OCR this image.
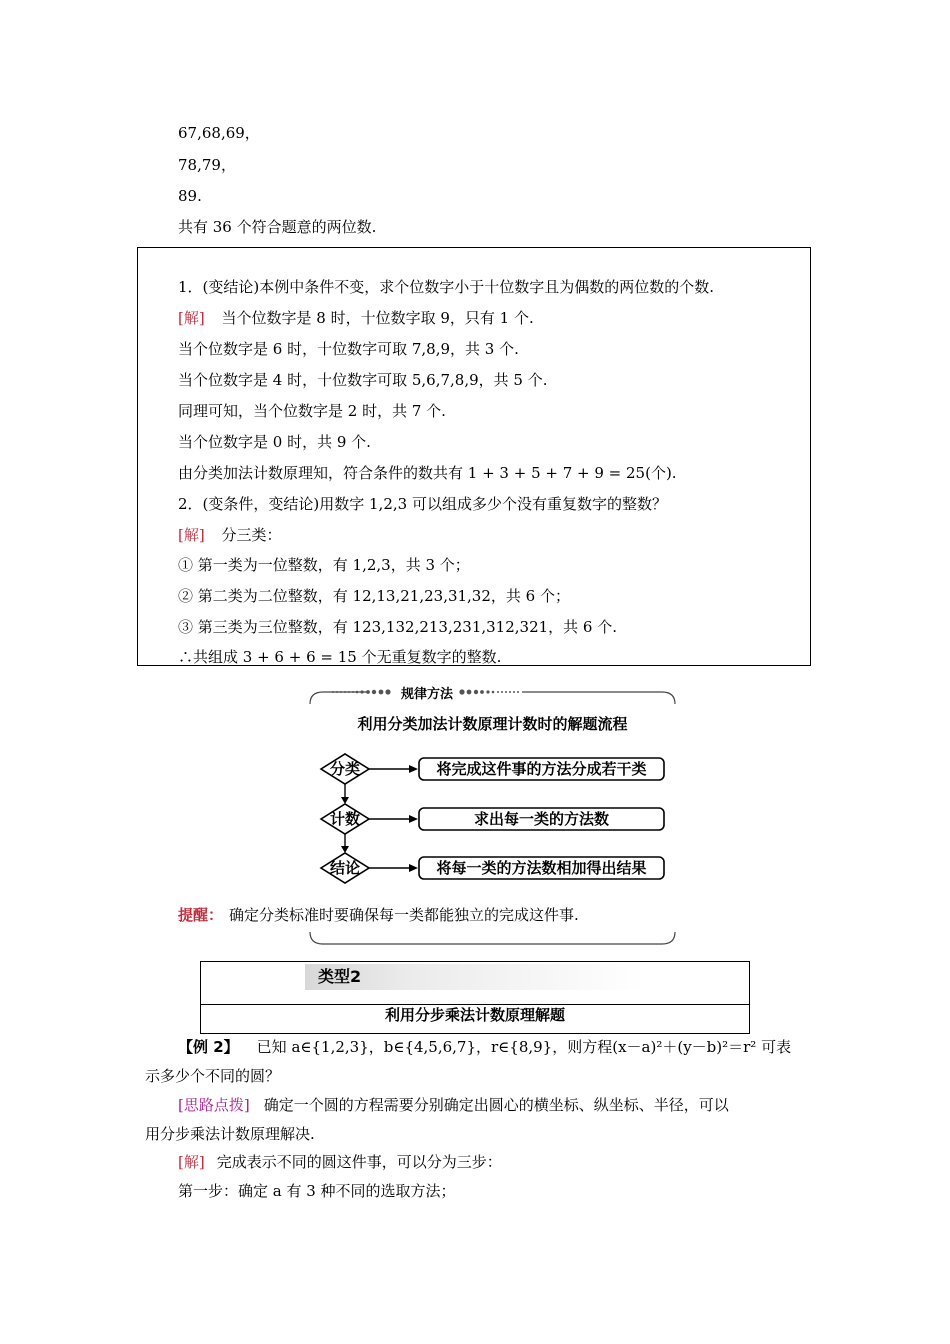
67,68,69，
78,79，
89.
共有 36 个符合题意的两位数.
1．(变结论)本例中条件不变，求个位数字小于十位数字且为偶数的两位数的个数.
[解] 当个位数字是 8 时，十位数字取 9，只有 1 个.
当个位数字是 6 时，十位数字可取 7,8,9，共 3 个.
当个位数字是 4 时，十位数字可取 5,6,7,8,9，共 5 个.
同理可知，当个位数字是 2 时，共 7 个.
当个位数字是 0 时，共 9 个.
由分类加法计数原理知，符合条件的数共有 1 + 3 + 5 + 7 + 9 = 25(个).
2．(变条件，变结论)用数字 1,2,3 可以组成多少个没有重复数字的整数？
[解] 分三类：
① 第一类为一位整数，有 1,2,3，共 3 个；
② 第二类为二位整数，有 12,13,21,23,31,32，共 6 个；
③ 第三类为三位整数，有 123,132,213,231,312,321，共 6 个.
∴共组成 3 + 6 + 6 = 15 个无重复数字的整数.
规律方法
利用分类加法计数原理计数时的解题流程
分类	将完成这件事的方法分成若干类
计数	求出每一类的方法数
结论	将每一类的方法数相加得出结果
提醒： 确定分类标准时要确保每一类都能独立的完成这件事.
类型2
利用分步乘法计数原理解题
【例 2】 已知 a∈{1,2,3}，b∈{4,5,6,7}，r∈{8,9}，则方程(x－a)²＋(y－b)²＝r² 可表
示多少个不同的圆？
[思路点拨] 确定一个圆的方程需要分别确定出圆心的横坐标、纵坐标、半径，可以
用分步乘法计数原理解决.
[解] 完成表示不同的圆这件事，可以分为三步：
第一步：确定 a 有 3 种不同的选取方法；
